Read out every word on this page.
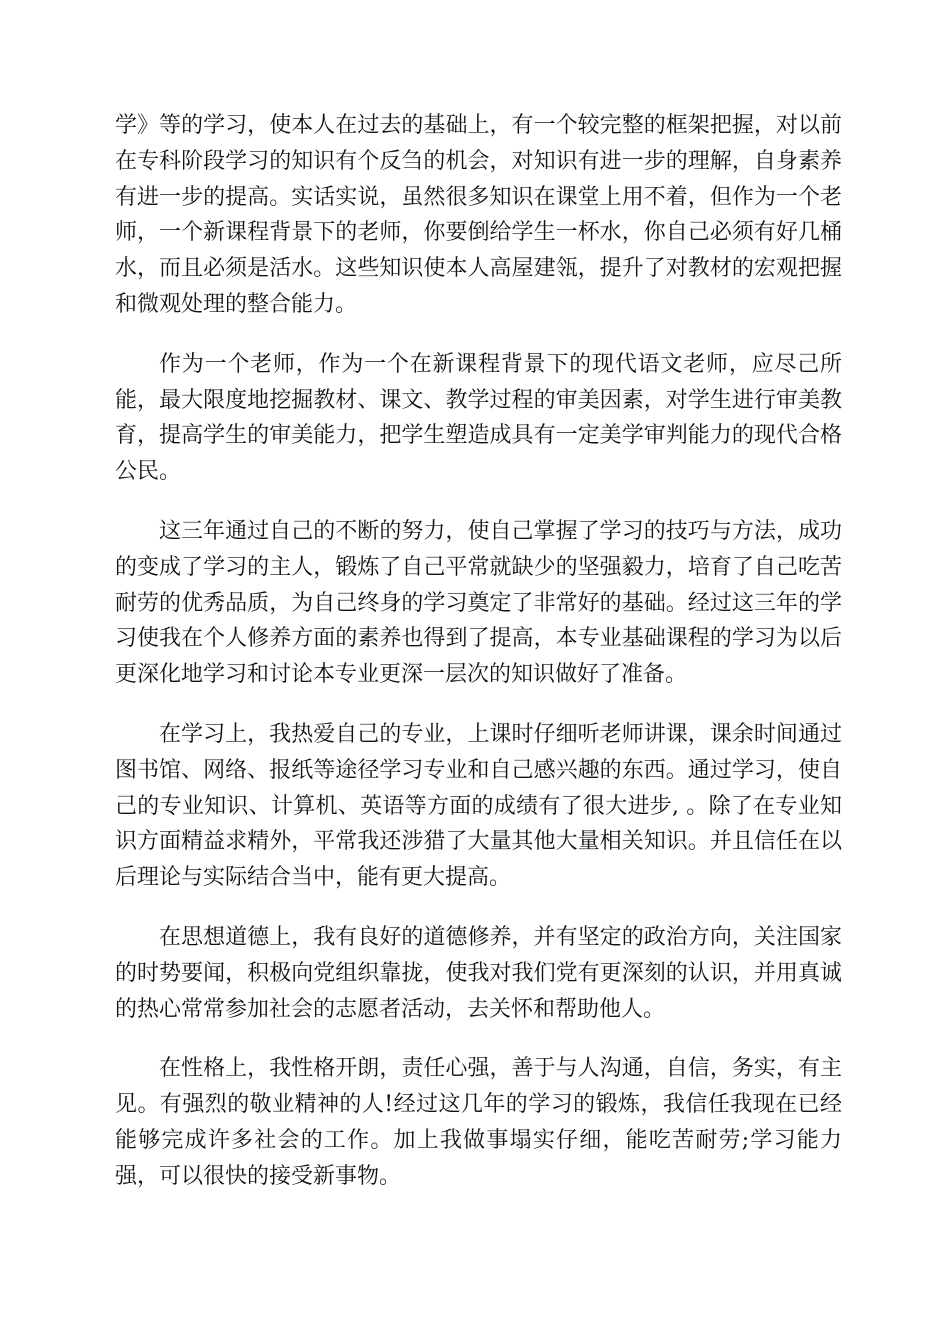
学》等的学习，使本人在过去的基础上，有一个较完整的框架把握，对以前在专科阶段学习的知识有个反刍的机会，对知识有进一步的理解，自身素养有进一步的提高。实话实说，虽然很多知识在课堂上用不着，但作为一个老师，一个新课程背景下的老师，你要倒给学生一杯水，你自己必须有好几桶水，而且必须是活水。这些知识使本人高屋建瓴，提升了对教材的宏观把握和微观处理的整合能力。

作为一个老师，作为一个在新课程背景下的现代语文老师，应尽己所能，最大限度地挖掘教材、课文、教学过程的审美因素，对学生进行审美教育，提高学生的审美能力，把学生塑造成具有一定美学审判能力的现代合格公民。

这三年通过自己的不断的努力，使自己掌握了学习的技巧与方法，成功的变成了学习的主人，锻炼了自己平常就缺少的坚强毅力，培育了自己吃苦耐劳的优秀品质，为自己终身的学习奠定了非常好的基础。经过这三年的学习使我在个人修养方面的素养也得到了提高，本专业基础课程的学习为以后更深化地学习和讨论本专业更深一层次的知识做好了准备。

在学习上，我热爱自己的专业，上课时仔细听老师讲课，课余时间通过图书馆、网络、报纸等途径学习专业和自己感兴趣的东西。通过学习，使自己的专业知识、计算机、英语等方面的成绩有了很大进步, 。除了在专业知识方面精益求精外，平常我还涉猎了大量其他大量相关知识。并且信任在以后理论与实际结合当中，能有更大提高。

在思想道德上，我有良好的道德修养，并有坚定的政治方向，关注国家的时势要闻，积极向党组织靠拢，使我对我们党有更深刻的认识，并用真诚的热心常常参加社会的志愿者活动，去关怀和帮助他人。

在性格上，我性格开朗，责任心强，善于与人沟通，自信，务实，有主见。有强烈的敬业精神的人!经过这几年的学习的锻炼，我信任我现在已经能够完成许多社会的工作。加上我做事塌实仔细，能吃苦耐劳;学习能力强，可以很快的接受新事物。
